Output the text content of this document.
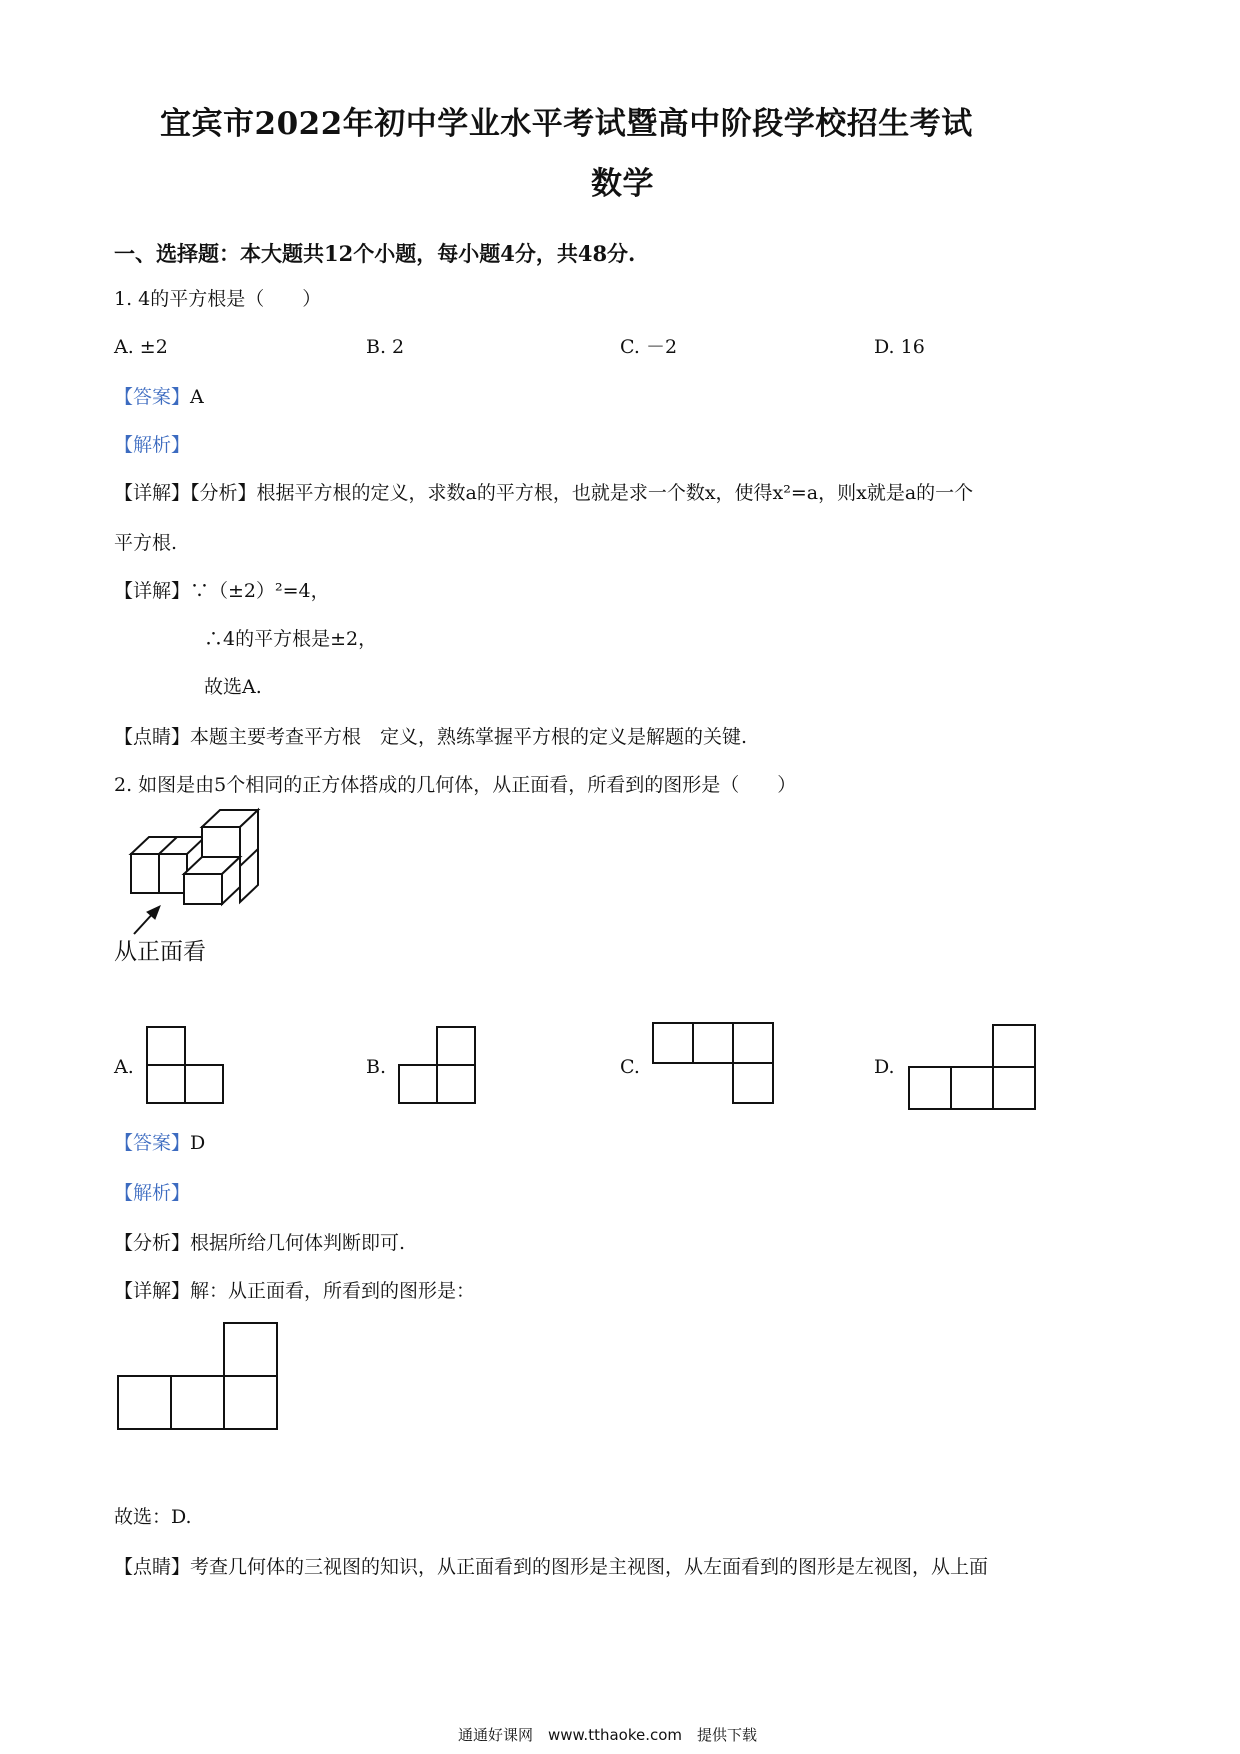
宜宾市2022年初中学业水平考试暨高中阶段学校招生考试
数学
一、选择题：本大题共12个小题，每小题4分，共48分.
1. 4的平方根是（　　）
A. ±2	B. 2	C. －2	D. 16
【答案】A
【解析】
【详解】【分析】根据平方根的定义，求数a的平方根，也就是求一个数x，使得x²=a，则x就是a的一个
平方根.
【详解】∵（±2）²=4，
∴4的平方根是±2，
故选A.
【点睛】本题主要考查平方根　定义，熟练掌握平方根的定义是解题的关键.
2. 如图是由5个相同的正方体搭成的几何体，从正面看，所看到的图形是（　　）
从正面看
A.	B.	C.	D.
【答案】D
【解析】
【分析】根据所给几何体判断即可.
【详解】解：从正面看，所看到的图形是：
故选：D.
【点睛】考查几何体的三视图的知识，从正面看到的图形是主视图，从左面看到的图形是左视图，从上面
通通好课网　www.tthaoke.com　提供下载
